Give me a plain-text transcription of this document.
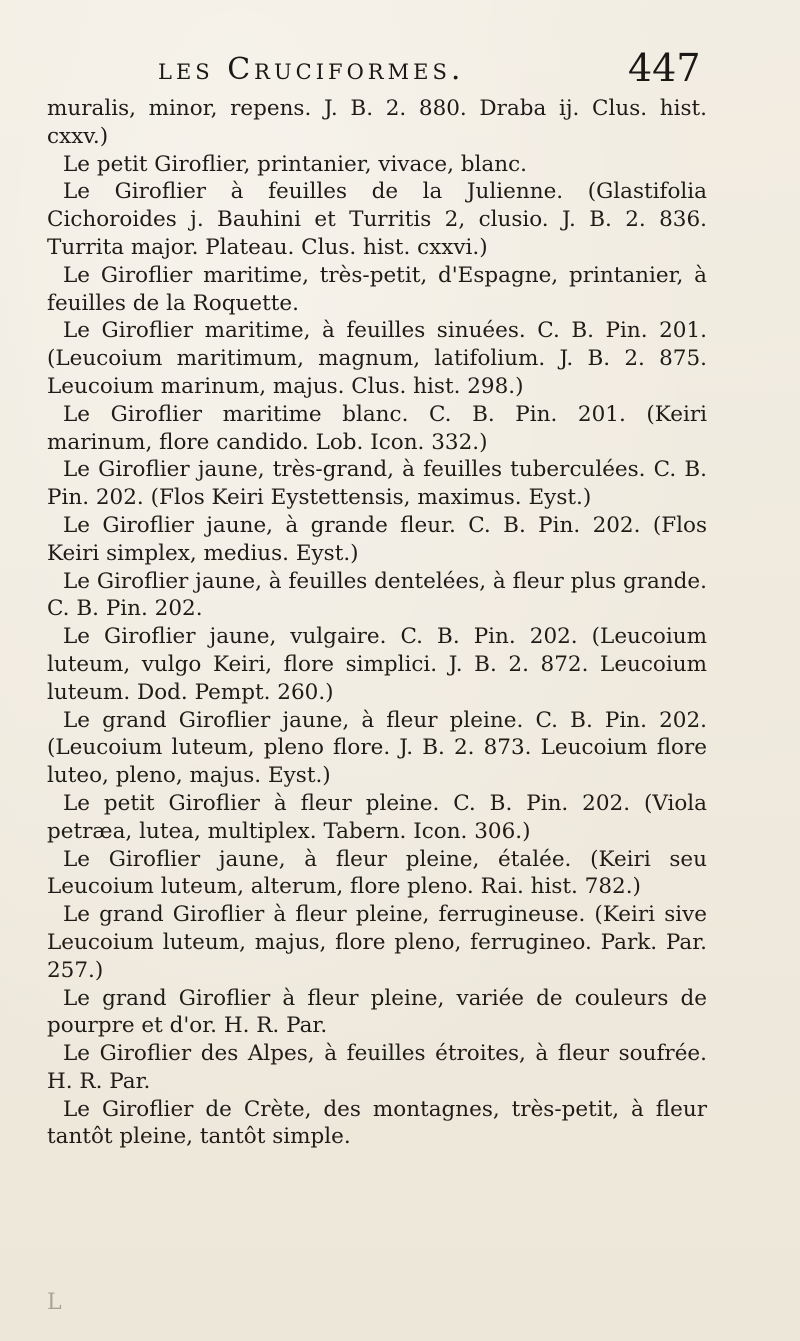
les Cruciformes.	447

muralis, minor, repens. J. B. 2. 880. Draba ij. Clus. hist. cxxv.)

Le petit Giroflier, printanier, vivace, blanc.

Le Giroflier à feuilles de la Julienne. (Glastifolia Cichoroides j. Bauhini et Turritis 2, clusio. J. B. 2. 836. Turrita major. Plateau. Clus. hist. cxxvi.)

Le Giroflier maritime, très-petit, d'Espagne, printanier, à feuilles de la Roquette.

Le Giroflier maritime, à feuilles sinuées. C. B. Pin. 201. (Leucoium maritimum, magnum, latifolium. J. B. 2. 875. Leucoium marinum, majus. Clus. hist. 298.)

Le Giroflier maritime blanc. C. B. Pin. 201. (Keiri marinum, flore candido. Lob. Icon. 332.)

Le Giroflier jaune, très-grand, à feuilles tuberculées. C. B. Pin. 202. (Flos Keiri Eystettensis, maximus. Eyst.)

Le Giroflier jaune, à grande fleur. C. B. Pin. 202. (Flos Keiri simplex, medius. Eyst.)

Le Giroflier jaune, à feuilles dentelées, à fleur plus grande. C. B. Pin. 202.

Le Giroflier jaune, vulgaire. C. B. Pin. 202. (Leucoium luteum, vulgo Keiri, flore simplici. J. B. 2. 872. Leucoium luteum. Dod. Pempt. 260.)

Le grand Giroflier jaune, à fleur pleine. C. B. Pin. 202. (Leucoium luteum, pleno flore. J. B. 2. 873. Leucoium flore luteo, pleno, majus. Eyst.)

Le petit Giroflier à fleur pleine. C. B. Pin. 202. (Viola petræa, lutea, multiplex. Tabern. Icon. 306.)

Le Giroflier jaune, à fleur pleine, étalée. (Keiri seu Leucoium luteum, alterum, flore pleno. Rai. hist. 782.)

Le grand Giroflier à fleur pleine, ferrugineuse. (Keiri sive Leucoium luteum, majus, flore pleno, ferrugineo. Park. Par. 257.)

Le grand Giroflier à fleur pleine, variée de couleurs de pourpre et d'or. H. R. Par.

Le Giroflier des Alpes, à feuilles étroites, à fleur soufrée. H. R. Par.

Le Giroflier de Crète, des montagnes, très-petit, à fleur tantôt pleine, tantôt simple.

L
